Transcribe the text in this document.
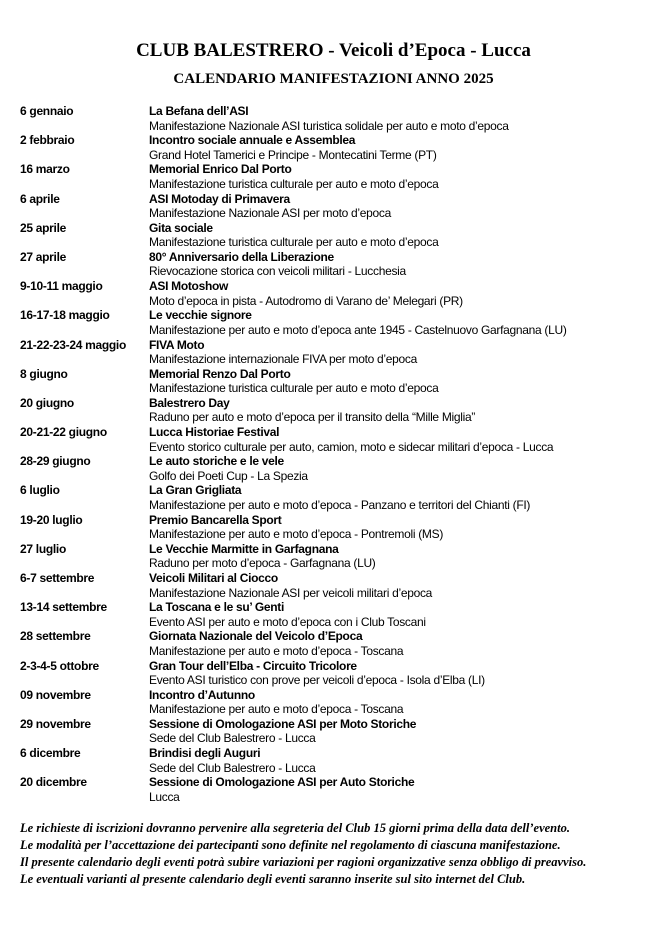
CLUB BALESTRERO - Veicoli d’Epoca - Lucca
CALENDARIO MANIFESTAZIONI ANNO 2025
6 gennaio	La Befana dell’ASI
Manifestazione Nazionale ASI turistica solidale per auto e moto d’epoca
2 febbraio	Incontro sociale annuale e Assemblea
Grand Hotel Tamerici e Principe - Montecatini Terme (PT)
16 marzo	Memorial Enrico Dal Porto
Manifestazione turistica culturale per auto e moto d’epoca
6 aprile	ASI Motoday di Primavera
Manifestazione Nazionale ASI per moto d’epoca
25 aprile	Gita sociale
Manifestazione turistica culturale per auto e moto d’epoca
27 aprile	80° Anniversario della Liberazione
Rievocazione storica con veicoli militari - Lucchesia
9-10-11 maggio	ASI Motoshow
Moto d’epoca in pista - Autodromo di Varano de’ Melegari (PR)
16-17-18 maggio	Le vecchie signore
Manifestazione per auto e moto d’epoca ante 1945 - Castelnuovo Garfagnana (LU)
21-22-23-24 maggio FIVA Moto
Manifestazione internazionale FIVA per moto d’epoca
8 giugno	Memorial Renzo Dal Porto
Manifestazione turistica culturale per auto e moto d’epoca
20 giugno	Balestrero Day
Raduno per auto e moto d’epoca per il transito della “Mille Miglia”
20-21-22 giugno	Lucca Historiae Festival
Evento storico culturale per auto, camion, moto e sidecar militari d’epoca - Lucca
28-29 giugno	Le auto storiche e le vele
Golfo dei Poeti Cup - La Spezia
6 luglio	La Gran Grigliata
Manifestazione per auto e moto d’epoca - Panzano e territori del Chianti (FI)
19-20 luglio	Premio Bancarella Sport
Manifestazione per auto e moto d’epoca - Pontremoli (MS)
27 luglio	Le Vecchie Marmitte in Garfagnana
Raduno per moto d’epoca - Garfagnana (LU)
6-7 settembre	Veicoli Militari al Ciocco
Manifestazione Nazionale ASI per veicoli militari d’epoca
13-14 settembre	La Toscana e le su’ Genti
Evento ASI per auto e moto d’epoca con i Club Toscani
28 settembre	Giornata Nazionale del Veicolo d’Epoca
Manifestazione per auto e moto d’epoca - Toscana
2-3-4-5 ottobre	Gran Tour dell’Elba - Circuito Tricolore
Evento ASI turistico con prove per veicoli d’epoca - Isola d’Elba (LI)
09 novembre	Incontro d’Autunno
Manifestazione per auto e moto d’epoca - Toscana
29 novembre	Sessione di Omologazione ASI per Moto Storiche
Sede del Club Balestrero - Lucca
6 dicembre	Brindisi degli Auguri
Sede del Club Balestrero - Lucca
20 dicembre	Sessione di Omologazione ASI per Auto Storiche
Lucca

Le richieste di iscrizioni dovranno pervenire alla segreteria del Club 15 giorni prima della data dell’evento.

Le modalità per l’accettazione dei partecipanti sono definite nel regolamento di ciascuna manifestazione.

Il presente calendario degli eventi potrà subire variazioni per ragioni organizzative senza obbligo di preavviso.

Le eventuali varianti al presente calendario degli eventi saranno inserite sul sito internet del Club.
